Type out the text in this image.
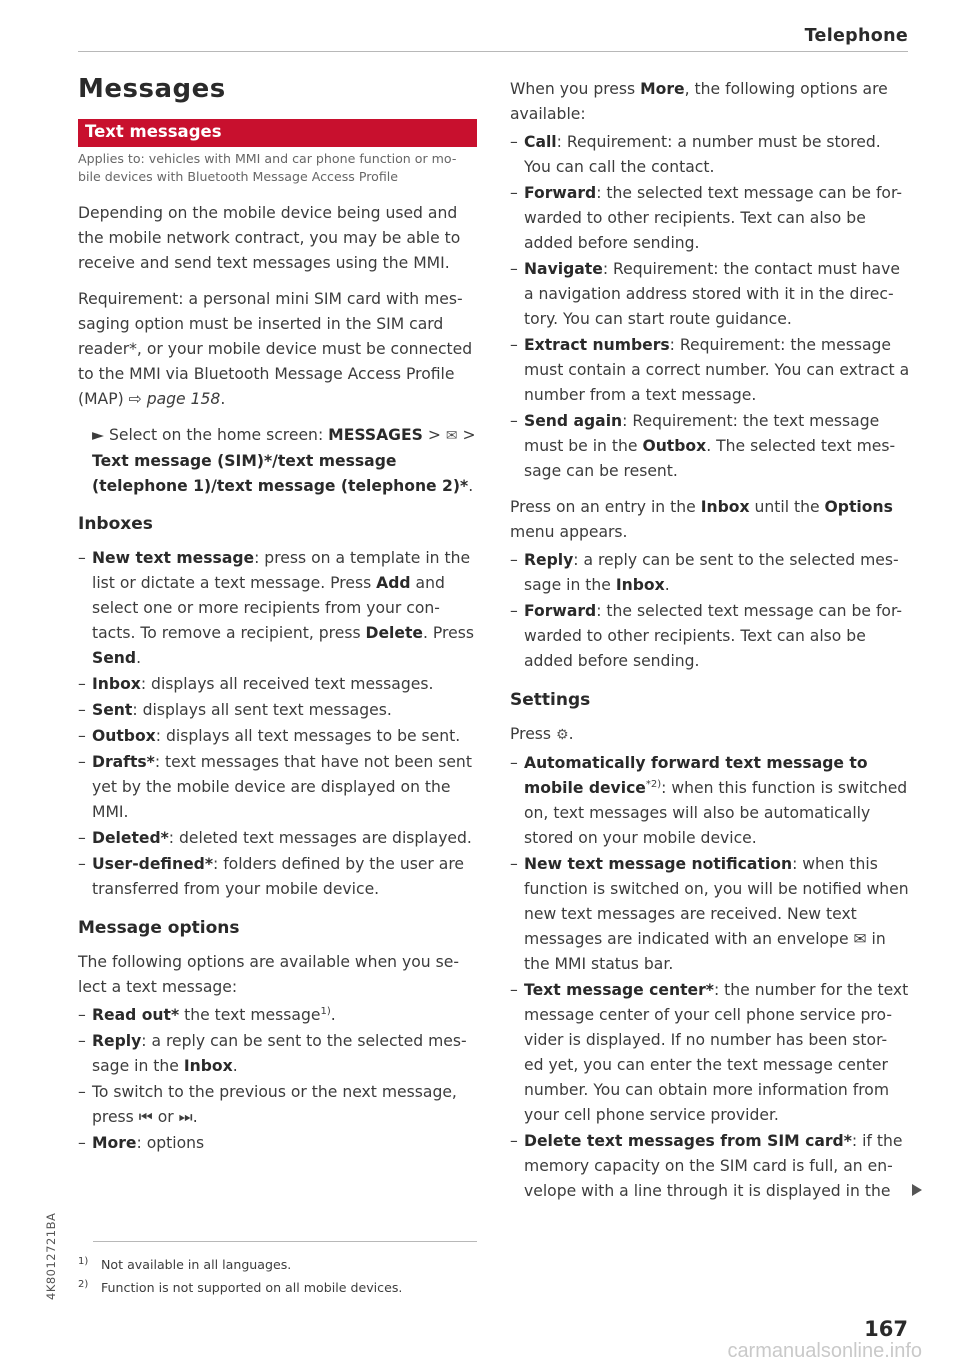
Telephone
Messages
Text messages
Applies to: vehicles with MMI and car phone function or mo- bile devices with Bluetooth Message Access Profile

Depending on the mobile device being used and the mobile network contract, you may be able to receive and send text messages using the MMI.

Requirement: a personal mini SIM card with mes- saging option must be inserted in the SIM card reader*, or your mobile device must be connected to the MMI via Bluetooth Message Access Profile (MAP) ⇨ page 158.

► Select on the home screen: MESSAGES > ✉ > Text message (SIM)*/text message (telephone 1)/text message (telephone 2)*.

Inboxes
– New text message: press on a template in the list or dictate a text message. Press Add and select one or more recipients from your con- tacts. To remove a recipient, press Delete. Press Send.
– Inbox: displays all received text messages.
– Sent: displays all sent text messages.
– Outbox: displays all text messages to be sent.
– Drafts*: text messages that have not been sent yet by the mobile device are displayed on the MMI.
– Deleted*: deleted text messages are displayed.
– User-defined*: folders defined by the user are transferred from your mobile device.
Message options

The following options are available when you se- lect a text message:

– Read out* the text message$^{1)}$.
– Reply: a reply can be sent to the selected mes- sage in the Inbox.
– To switch to the previous or the next message, press ⏮ or ⏭.
– More: options
1) Not available in all languages.
2) Function is not supported on all mobile devices.

When you press More, the following options are available:

– Call: Requirement: a number must be stored. You can call the contact.
– Forward: the selected text message can be for- warded to other recipients. Text can also be added before sending.
– Navigate: Requirement: the contact must have a navigation address stored with it in the direc- tory. You can start route guidance.
– Extract numbers: Requirement: the message must contain a correct number. You can extract a number from a text message.
– Send again: Requirement: the text message must be in the Outbox. The selected text mes- sage can be resent.

Press on an entry in the Inbox until the Options menu appears.

– Reply: a reply can be sent to the selected mes- sage in the Inbox.
– Forward: the selected text message can be for- warded to other recipients. Text can also be added before sending.
Settings

Press ⚙.

– Automatically forward text message to mobile device$^{*2)}$: when this function is switched on, text messages will also be automatically stored on your mobile device.
– New text message notification: when this function is switched on, you will be notified when new text messages are received. New text messages are indicated with an envelope ✉ in the MMI status bar.
– Text message center*: the number for the text message center of your cell phone service pro- vider is displayed. If no number has been stor- ed yet, you can enter the text message center number. You can obtain more information from your cell phone service provider.
– Delete text messages from SIM card*: if the memory capacity on the SIM card is full, an en- velope with a line through it is displayed in the
4K8012721BA
167
carmanualsonline.info
